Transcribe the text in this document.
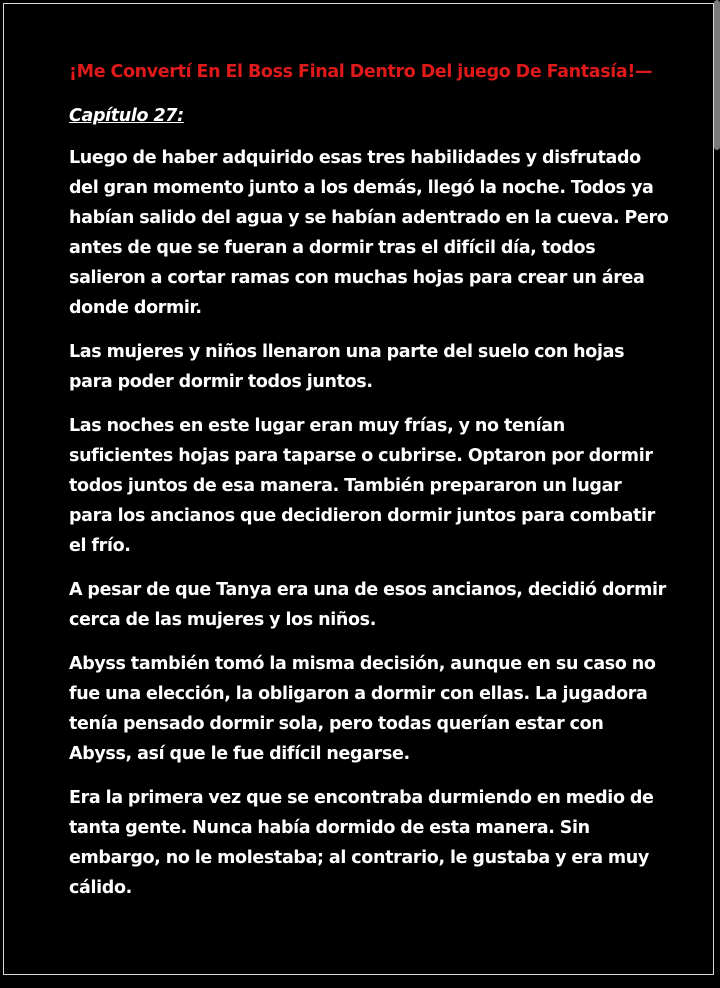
¡Me Convertí En El Boss Final Dentro Del juego De Fantasía!—

Capítulo 27:

Luego de haber adquirido esas tres habilidades y disfrutado del gran momento junto a los demás, llegó la noche. Todos ya habían salido del agua y se habían adentrado en la cueva. Pero antes de que se fueran a dormir tras el difícil día, todos salieron a cortar ramas con muchas hojas para crear un área donde dormir.

Las mujeres y niños llenaron una parte del suelo con hojas para poder dormir todos juntos.

Las noches en este lugar eran muy frías, y no tenían suficientes hojas para taparse o cubrirse. Optaron por dormir todos juntos de esa manera. También prepararon un lugar para los ancianos que decidieron dormir juntos para combatir el frío.

A pesar de que Tanya era una de esos ancianos, decidió dormir cerca de las mujeres y los niños.

Abyss también tomó la misma decisión, aunque en su caso no fue una elección, la obligaron a dormir con ellas. La jugadora tenía pensado dormir sola, pero todas querían estar con Abyss, así que le fue difícil negarse.

Era la primera vez que se encontraba durmiendo en medio de tanta gente. Nunca había dormido de esta manera. Sin embargo, no le molestaba; al contrario, le gustaba y era muy cálido.
